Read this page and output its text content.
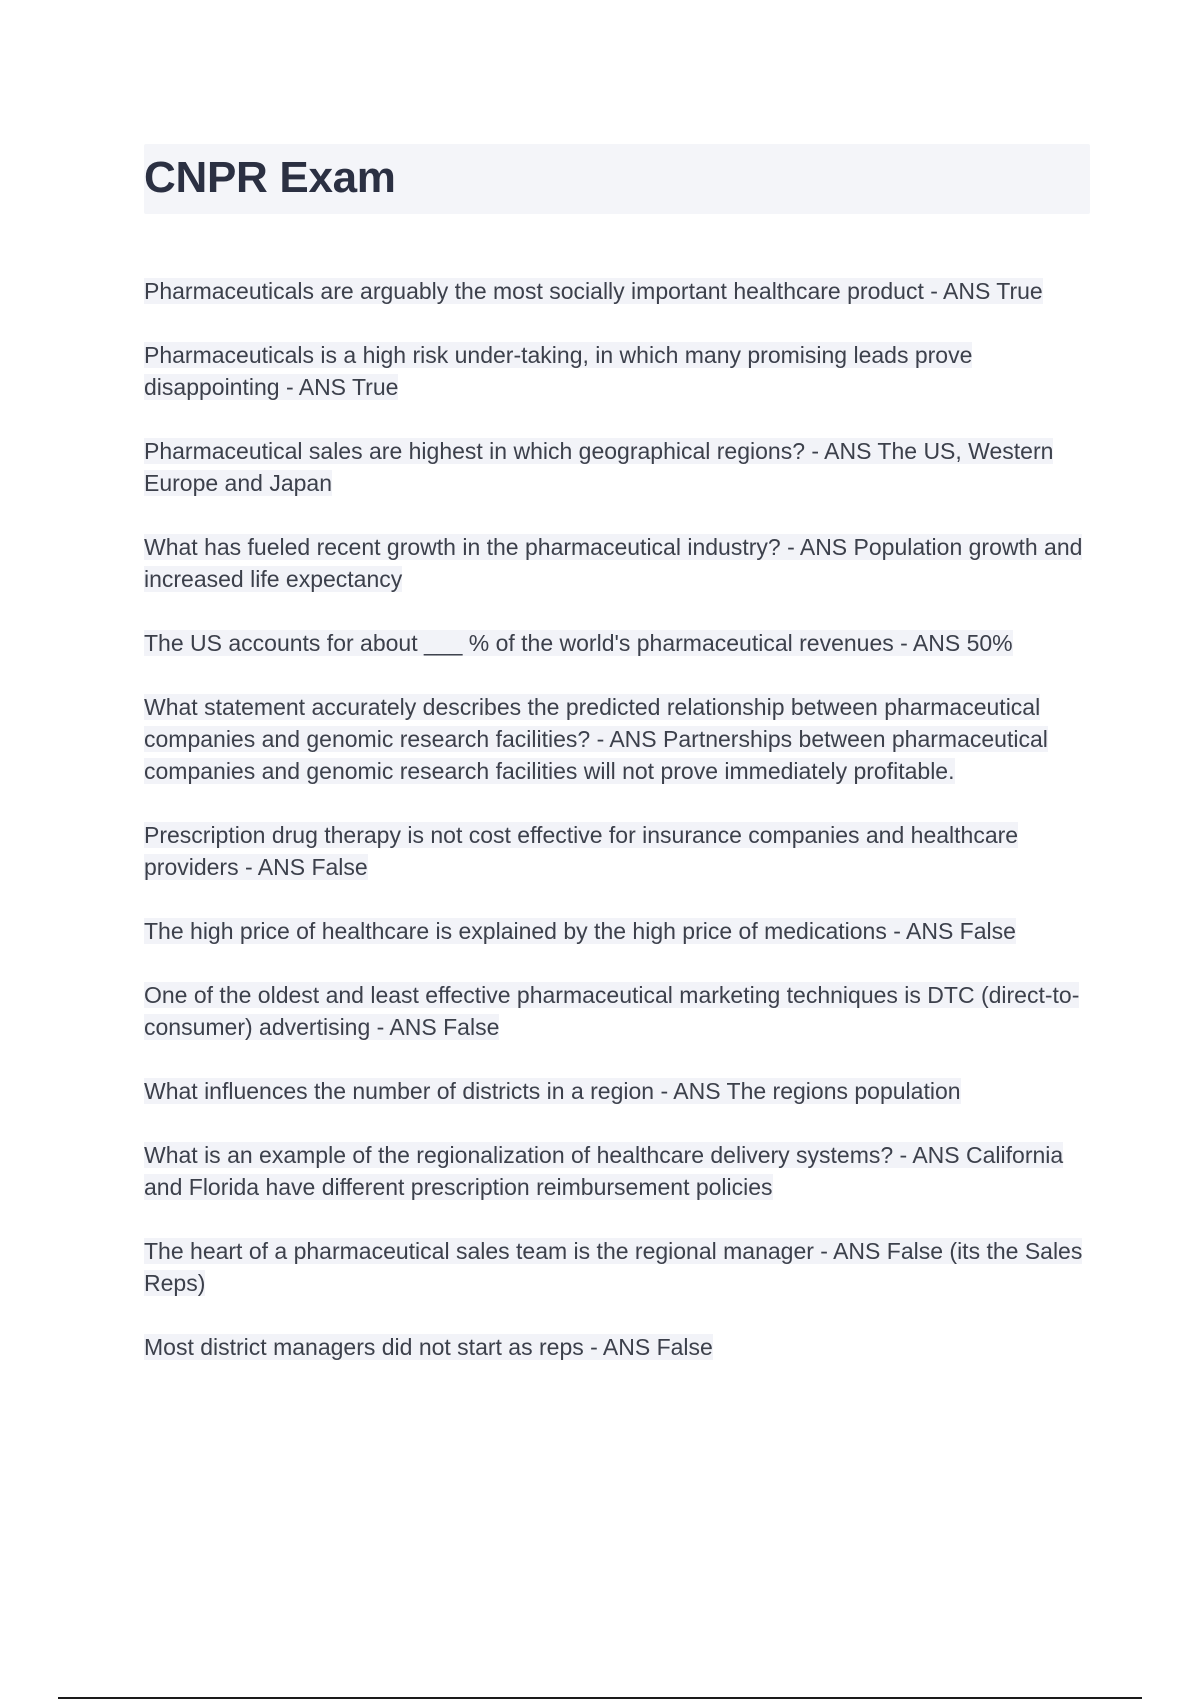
CNPR Exam

Pharmaceuticals are arguably the most socially important healthcare product - ANS True

Pharmaceuticals is a high risk under-taking, in which many promising leads prove disappointing - ANS True

Pharmaceutical sales are highest in which geographical regions? - ANS The US, Western Europe and Japan

What has fueled recent growth in the pharmaceutical industry? - ANS Population growth and increased life expectancy

The US accounts for about ___ % of the world's pharmaceutical revenues - ANS 50%

What statement accurately describes the predicted relationship between pharmaceutical companies and genomic research facilities? - ANS Partnerships between pharmaceutical companies and genomic research facilities will not prove immediately profitable.

Prescription drug therapy is not cost effective for insurance companies and healthcare providers - ANS False

The high price of healthcare is explained by the high price of medications - ANS False

One of the oldest and least effective pharmaceutical marketing techniques is DTC (direct-to-consumer) advertising - ANS False

What influences the number of districts in a region - ANS The regions population

What is an example of the regionalization of healthcare delivery systems? - ANS California and Florida have different prescription reimbursement policies

The heart of a pharmaceutical sales team is the regional manager - ANS False (its the Sales Reps)

Most district managers did not start as reps - ANS False
